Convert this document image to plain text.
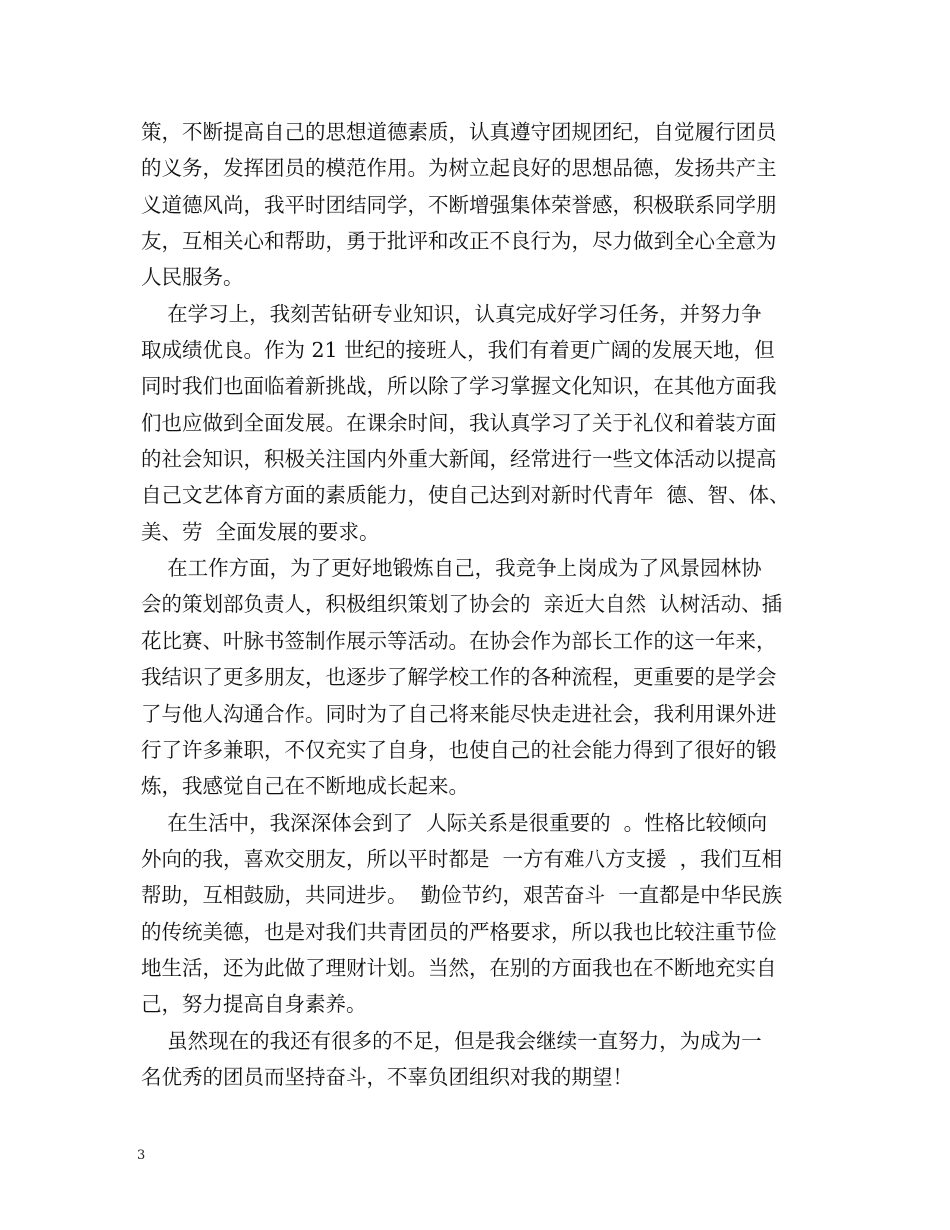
策，不断提高自己的思想道德素质，认真遵守团规团纪，自觉履行团员
的义务，发挥团员的模范作用。为树立起良好的思想品德，发扬共产主
义道德风尚，我平时团结同学，不断增强集体荣誉感，积极联系同学朋
友，互相关心和帮助，勇于批评和改正不良行为，尽力做到全心全意为
人民服务。
在学习上，我刻苦钻研专业知识，认真完成好学习任务，并努力争
取成绩优良。作为 21 世纪的接班人，我们有着更广阔的发展天地，但
同时我们也面临着新挑战，所以除了学习掌握文化知识，在其他方面我
们也应做到全面发展。在课余时间，我认真学习了关于礼仪和着装方面
的社会知识，积极关注国内外重大新闻，经常进行一些文体活动以提高
自己文艺体育方面的素质能力，使自己达到对新时代青年  德、智、体、
美、劳  全面发展的要求。
在工作方面，为了更好地锻炼自己，我竞争上岗成为了风景园林协
会的策划部负责人，积极组织策划了协会的  亲近大自然  认树活动、插
花比赛、叶脉书签制作展示等活动。在协会作为部长工作的这一年来，
我结识了更多朋友，也逐步了解学校工作的各种流程，更重要的是学会
了与他人沟通合作。同时为了自己将来能尽快走进社会，我利用课外进
行了许多兼职，不仅充实了自身，也使自己的社会能力得到了很好的锻
炼，我感觉自己在不断地成长起来。
在生活中，我深深体会到了  人际关系是很重要的  。性格比较倾向
外向的我，喜欢交朋友，所以平时都是  一方有难八方支援  ，我们互相
帮助，互相鼓励，共同进步。  勤俭节约，艰苦奋斗  一直都是中华民族
的传统美德，也是对我们共青团员的严格要求，所以我也比较注重节俭
地生活，还为此做了理财计划。当然，在别的方面我也在不断地充实自
己，努力提高自身素养。
虽然现在的我还有很多的不足，但是我会继续一直努力，为成为一
名优秀的团员而坚持奋斗，不辜负团组织对我的期望！
3
